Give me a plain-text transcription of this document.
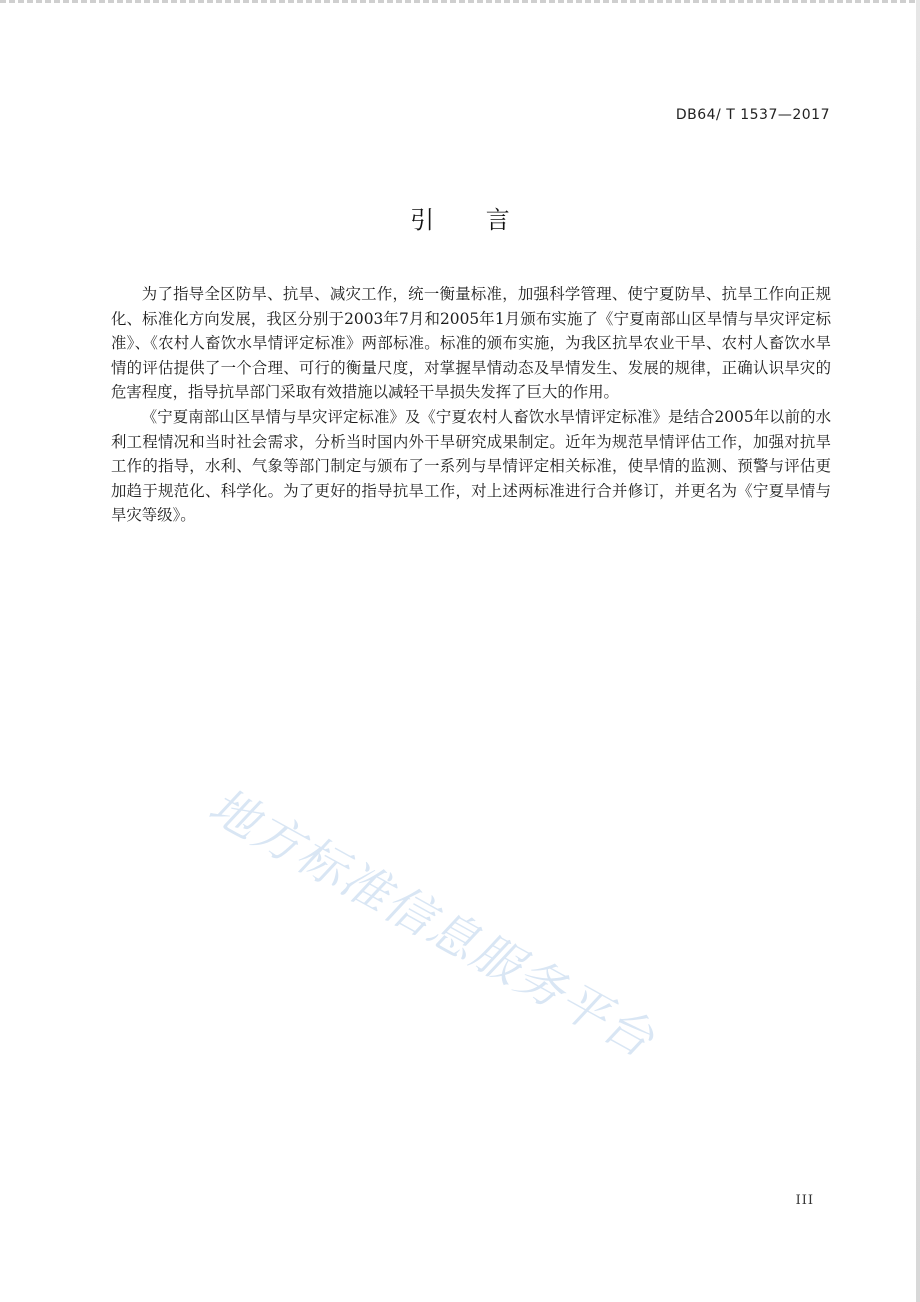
DB64/ T 1537—2017
引 言

为了指导全区防旱、抗旱、减灾工作，统一衡量标准，加强科学管理、使宁夏防旱、抗旱工作向正规化、标准化方向发展，我区分别于2003年7月和2005年1月颁布实施了《宁夏南部山区旱情与旱灾评定标准》、《农村人畜饮水旱情评定标准》两部标准。标准的颁布实施，为我区抗旱农业干旱、农村人畜饮水旱情的评估提供了一个合理、可行的衡量尺度，对掌握旱情动态及旱情发生、发展的规律，正确认识旱灾的危害程度，指导抗旱部门采取有效措施以减轻干旱损失发挥了巨大的作用。

《宁夏南部山区旱情与旱灾评定标准》及《宁夏农村人畜饮水旱情评定标准》是结合2005年以前的水利工程情况和当时社会需求，分析当时国内外干旱研究成果制定。近年为规范旱情评估工作，加强对抗旱工作的指导，水利、气象等部门制定与颁布了一系列与旱情评定相关标准，使旱情的监测、预警与评估更加趋于规范化、科学化。为了更好的指导抗旱工作，对上述两标准进行合并修订，并更名为《宁夏旱情与旱灾等级》。

地方标准信息服务平台
III
